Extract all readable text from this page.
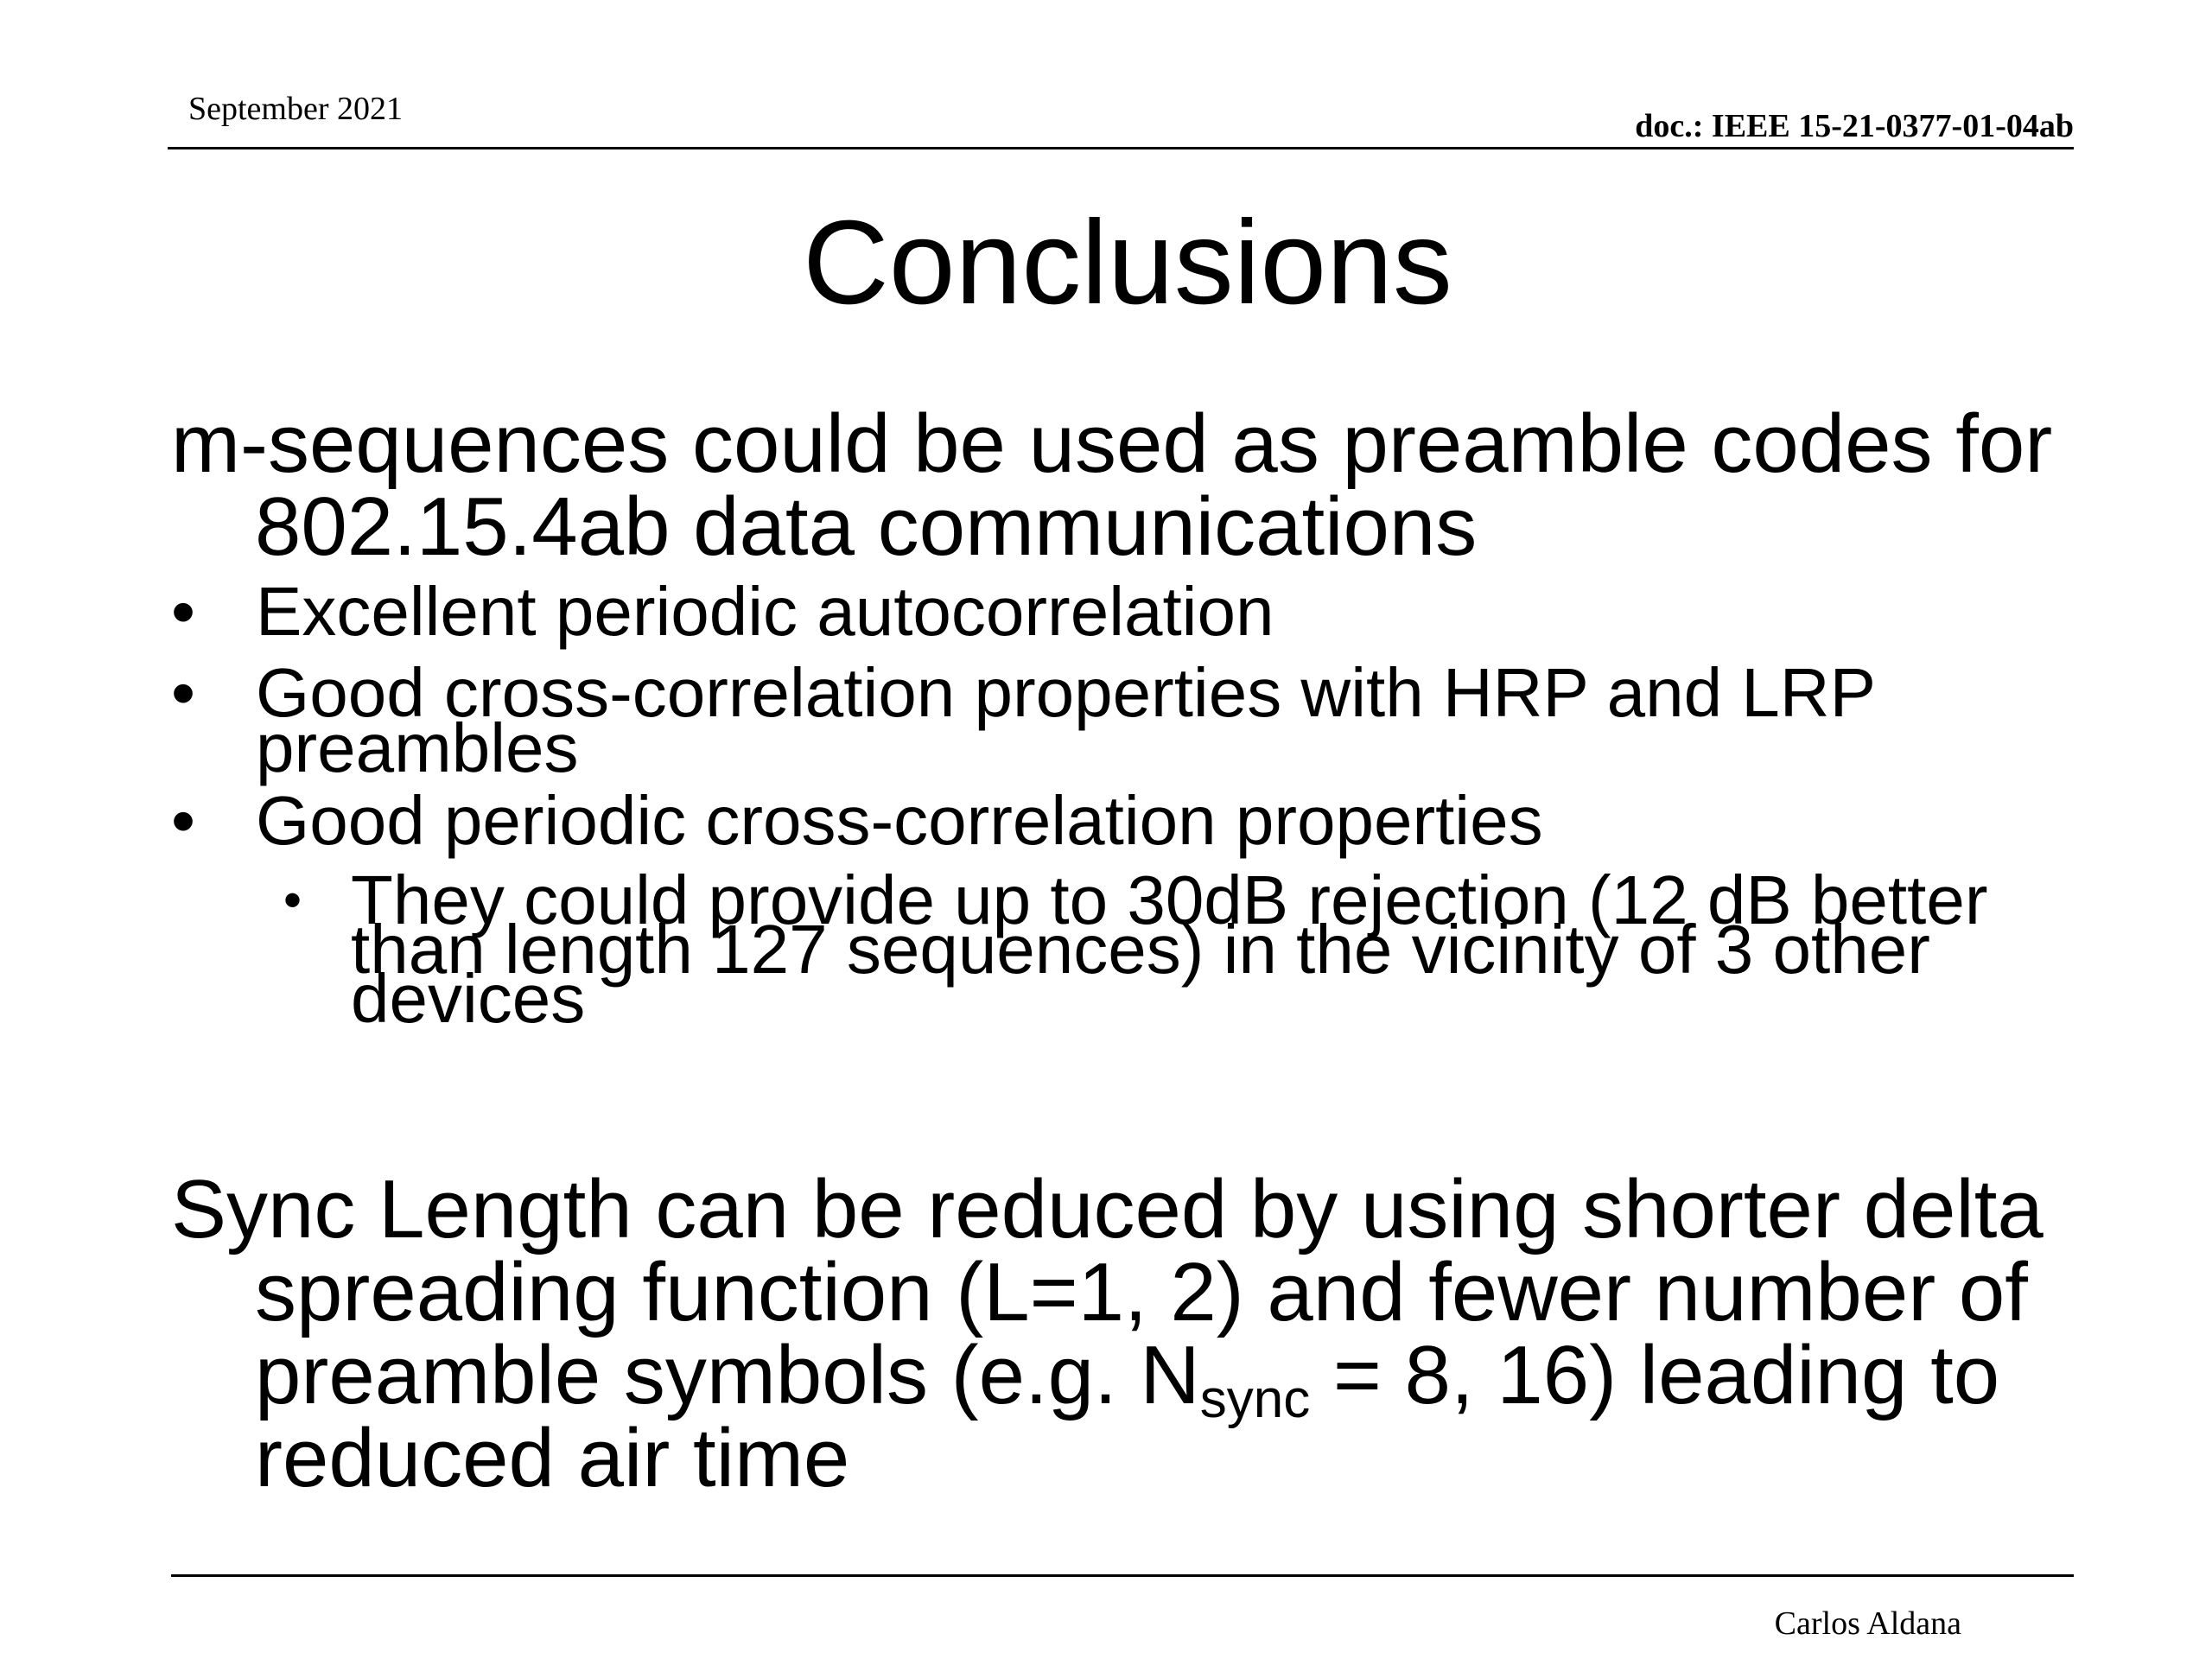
September 2021	doc.: IEEE 15-21-0377-01-04ab
Conclusions
m-sequences could be used as preamble codes for 802.15.4ab data communications
• Excellent periodic autocorrelation
• Good cross-correlation properties with HRP and LRP preambles
• Good periodic cross-correlation properties
• They could provide up to 30dB rejection (12 dB better than length 127 sequences) in the vicinity of 3 other devices
Sync Length can be reduced by using shorter delta spreading function (L=1, 2) and fewer number of preamble symbols (e.g. $N_{sync} = 8$, 16) leading to reduced air time
Carlos Aldana
